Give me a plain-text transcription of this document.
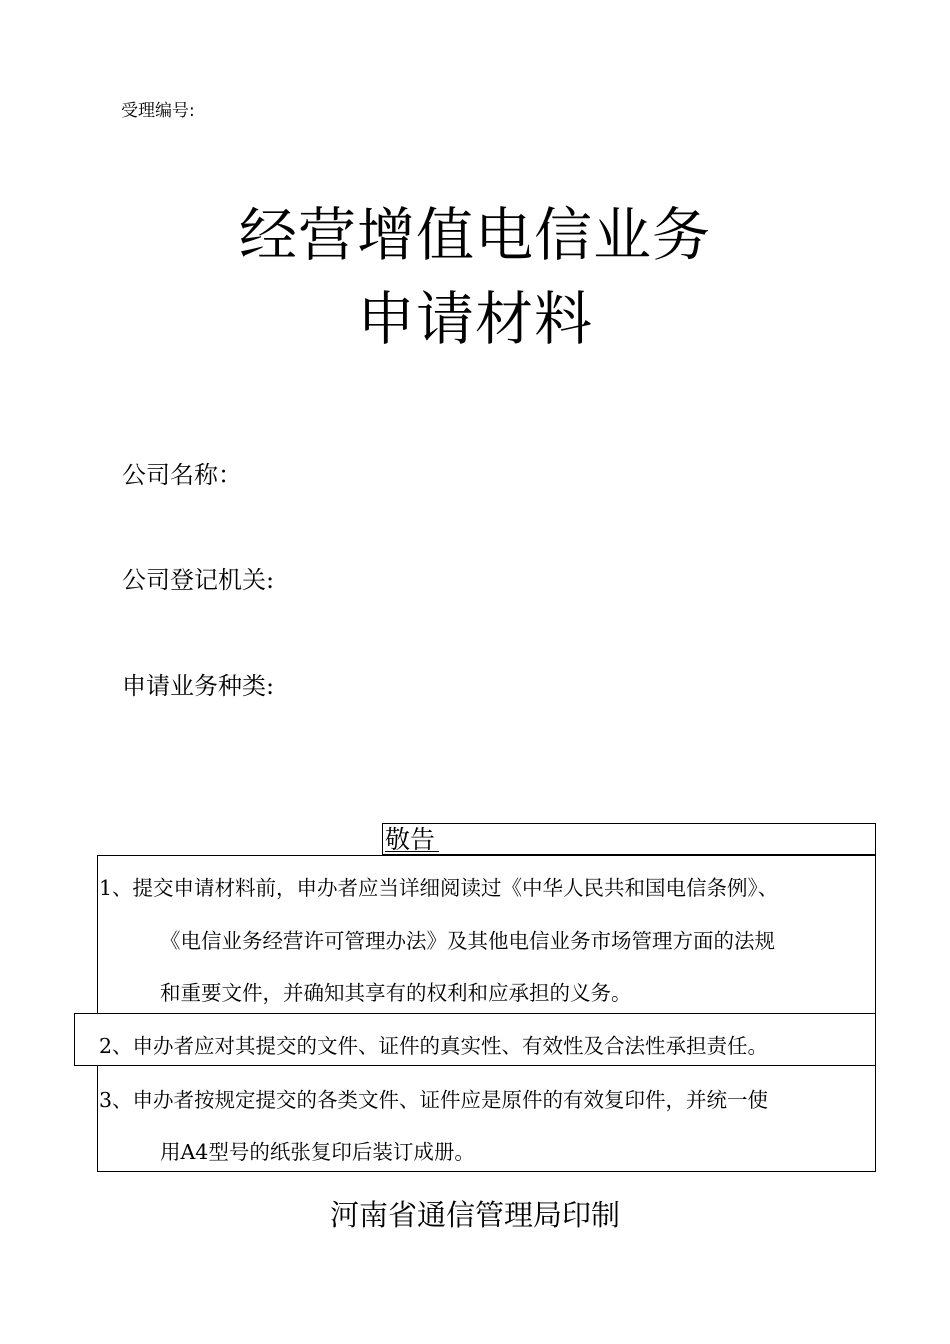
受理编号:
经营增值电信业务
申请材料
公司名称：
公司登记机关:
申请业务种类:
敬告
1、提交申请材料前，申办者应当详细阅读过《中华人民共和国电信条例》、
《电信业务经营许可管理办法》及其他电信业务市场管理方面的法规
和重要文件，并确知其享有的权利和应承担的义务。
2、申办者应对其提交的文件、证件的真实性、有效性及合法性承担责任。
3、申办者按规定提交的各类文件、证件应是原件的有效复印件，并统一使
用A4型号的纸张复印后装订成册。
河南省通信管理局印制
